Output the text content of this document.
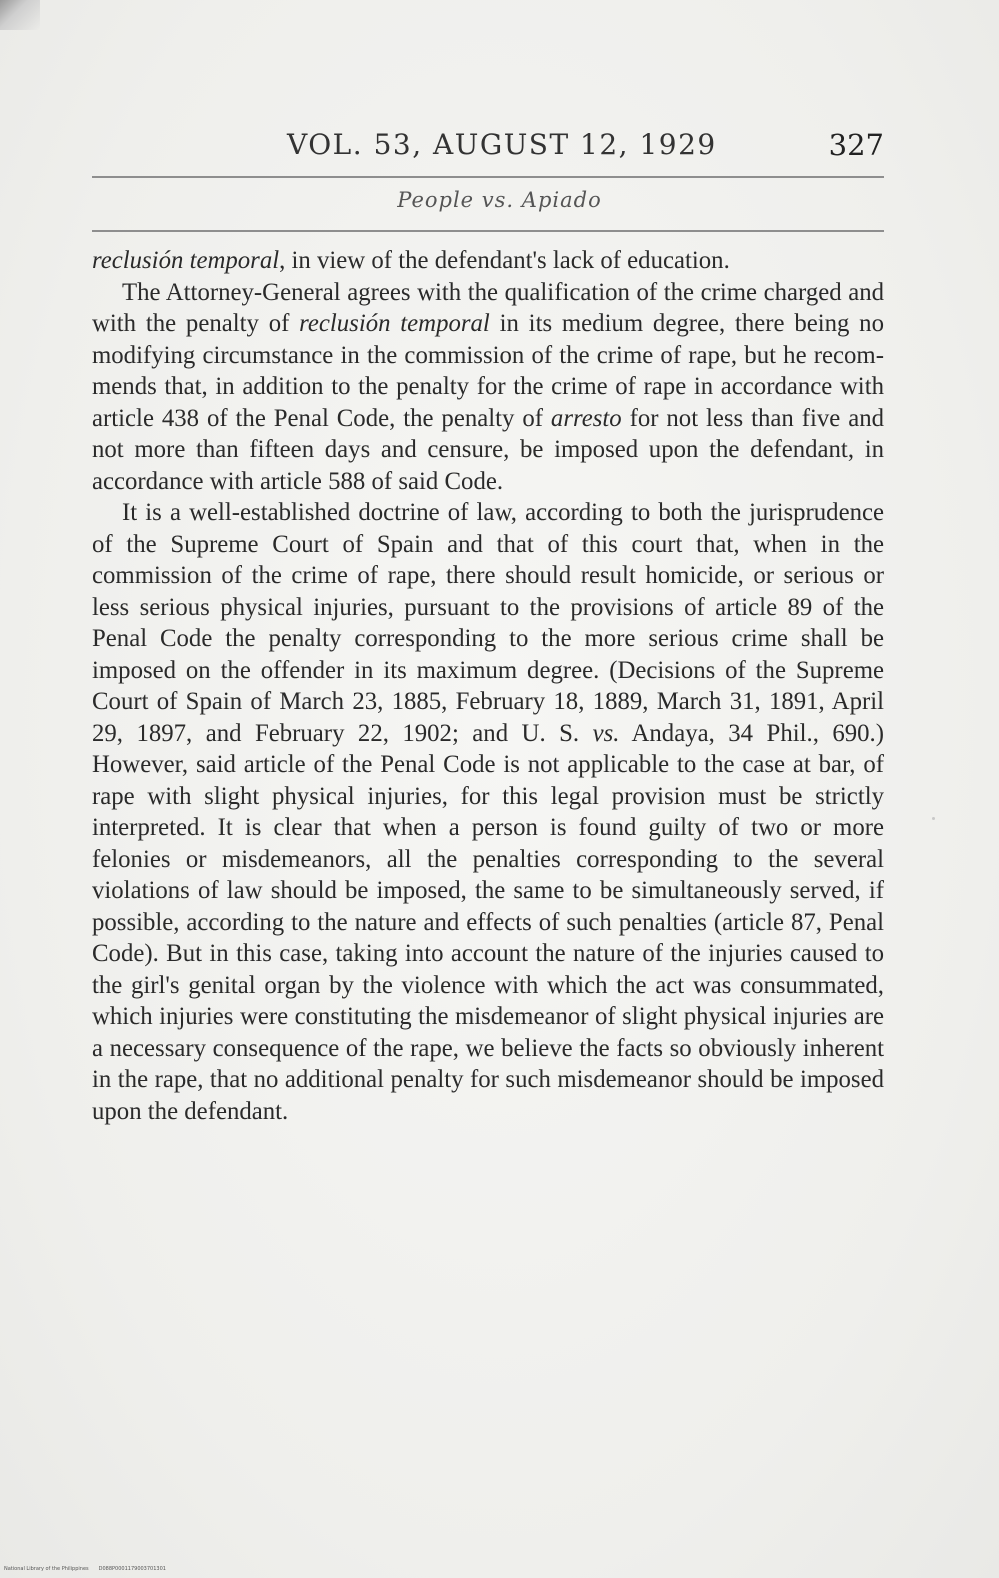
VOL. 53, AUGUST 12, 1929	327
People vs. Apiado

reclusión temporal, in view of the defendant's lack of education.

The Attorney-General agrees with the qualification of the crime charged and with the penalty of reclusión temporal in its medium degree, there being no modifying circumstance in the commission of the crime of rape, but he recommends that, in addition to the penalty for the crime of rape in accordance with article 438 of the Penal Code, the penalty of arresto for not less than five and not more than fifteen days and censure, be imposed upon the defendant, in accordance with article 588 of said Code.

It is a well-established doctrine of law, according to both the jurisprudence of the Supreme Court of Spain and that of this court that, when in the commission of the crime of rape, there should result homicide, or serious or less serious physical injuries, pursuant to the provisions of article 89 of the Penal Code the penalty corresponding to the more serious crime shall be imposed on the offender in its maximum degree. (Decisions of the Supreme Court of Spain of March 23, 1885, February 18, 1889, March 31, 1891, April 29, 1897, and February 22, 1902; and U. S. vs. Andaya, 34 Phil., 690.) However, said article of the Penal Code is not applicable to the case at bar, of rape with slight physical injuries, for this legal provision must be strictly interpreted. It is clear that when a person is found guilty of two or more felonies or misdemeanors, all the penalties corresponding to the several violations of law should be imposed, the same to be simultaneously served, if possible, according to the nature and effects of such penalties (article 87, Penal Code). But in this case, taking into account the nature of the injuries caused to the girl's genital organ by the violence with which the act was consummated, which injuries were constituting the misdemeanor of slight physical injuries are a necessary consequence of the rape, we believe the facts so obviously inherent in the rape, that no additional penalty for such misdemeanor should be imposed upon the defendant.

National Library of the Philippines D088P0001179003701301
